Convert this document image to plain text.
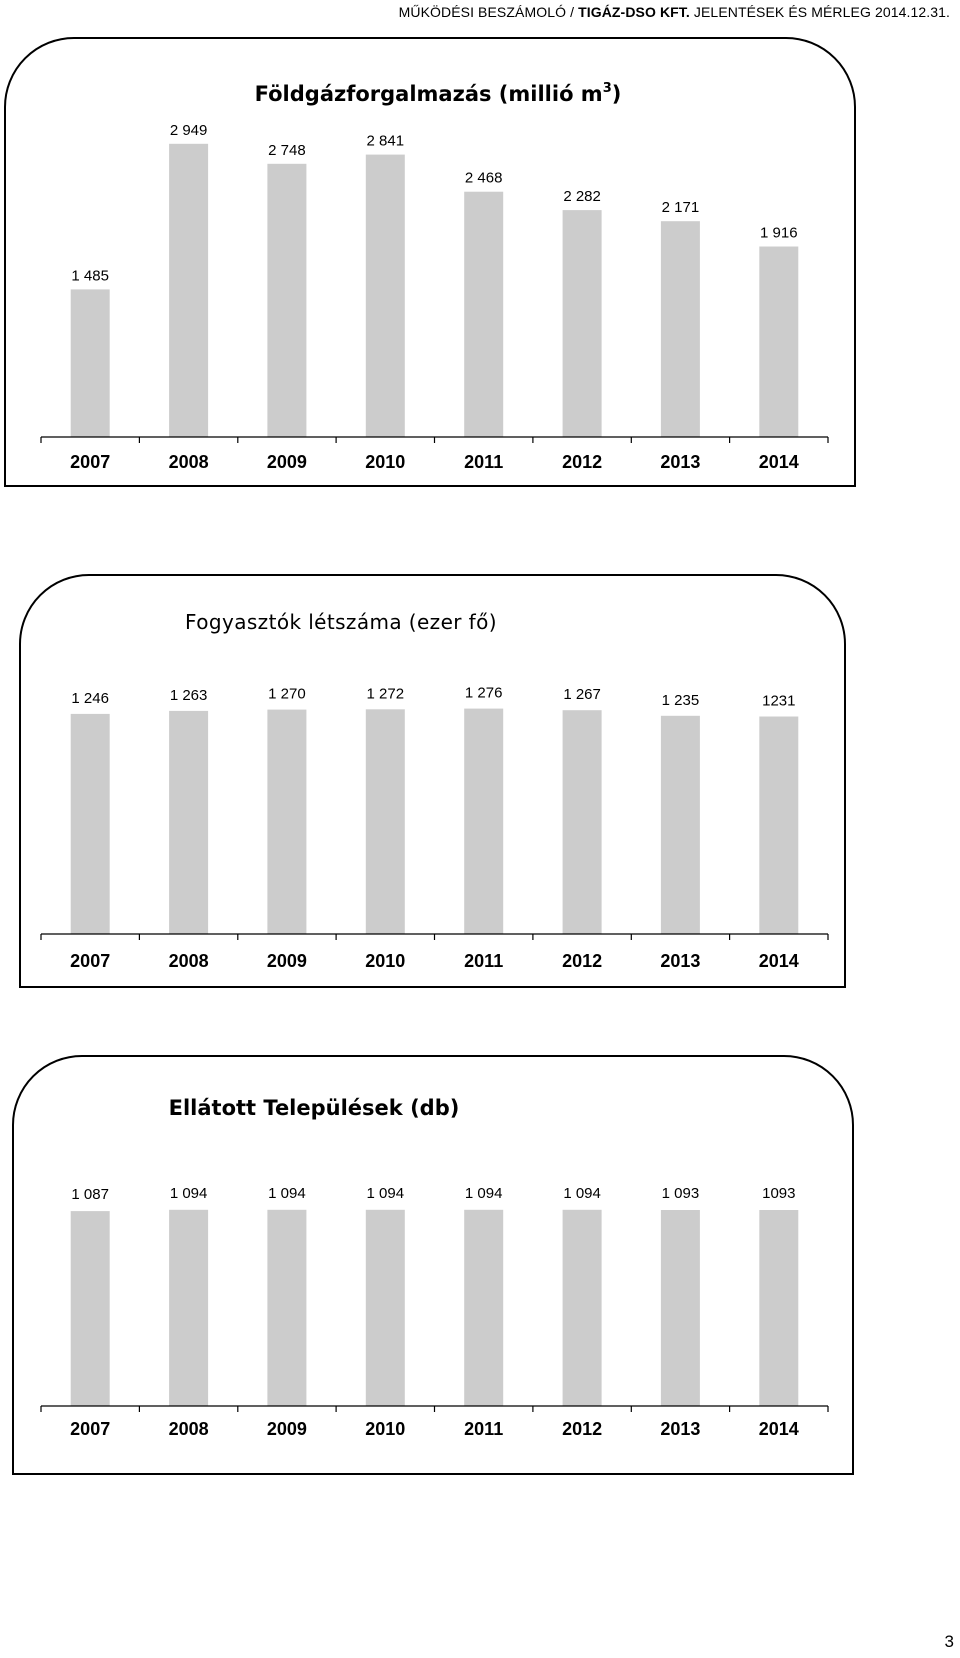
MŰKÖDÉSI BESZÁMOLÓ / TIGÁZ-DSO KFT. JELENTÉSEK ÉS MÉRLEG 2014.12.31.
Földgázforgalmazás (millió $m^3$)
1 485
2007
2 949
2008
2 748
2009
2 841
2010
2 468
2011
2 282
2012
2 171
2013
1 916
2014
Fogyasztók létszáma (ezer fő)
1 246
2007
1 263
2008
1 270
2009
1 272
2010
1 276
2011
1 267
2012
1 235
2013
1231
2014
Ellátott Települések (db)
1 087
2007
1 094
2008
1 094
2009
1 094
2010
1 094
2011
1 094
2012
1 093
2013
1093
2014
3
